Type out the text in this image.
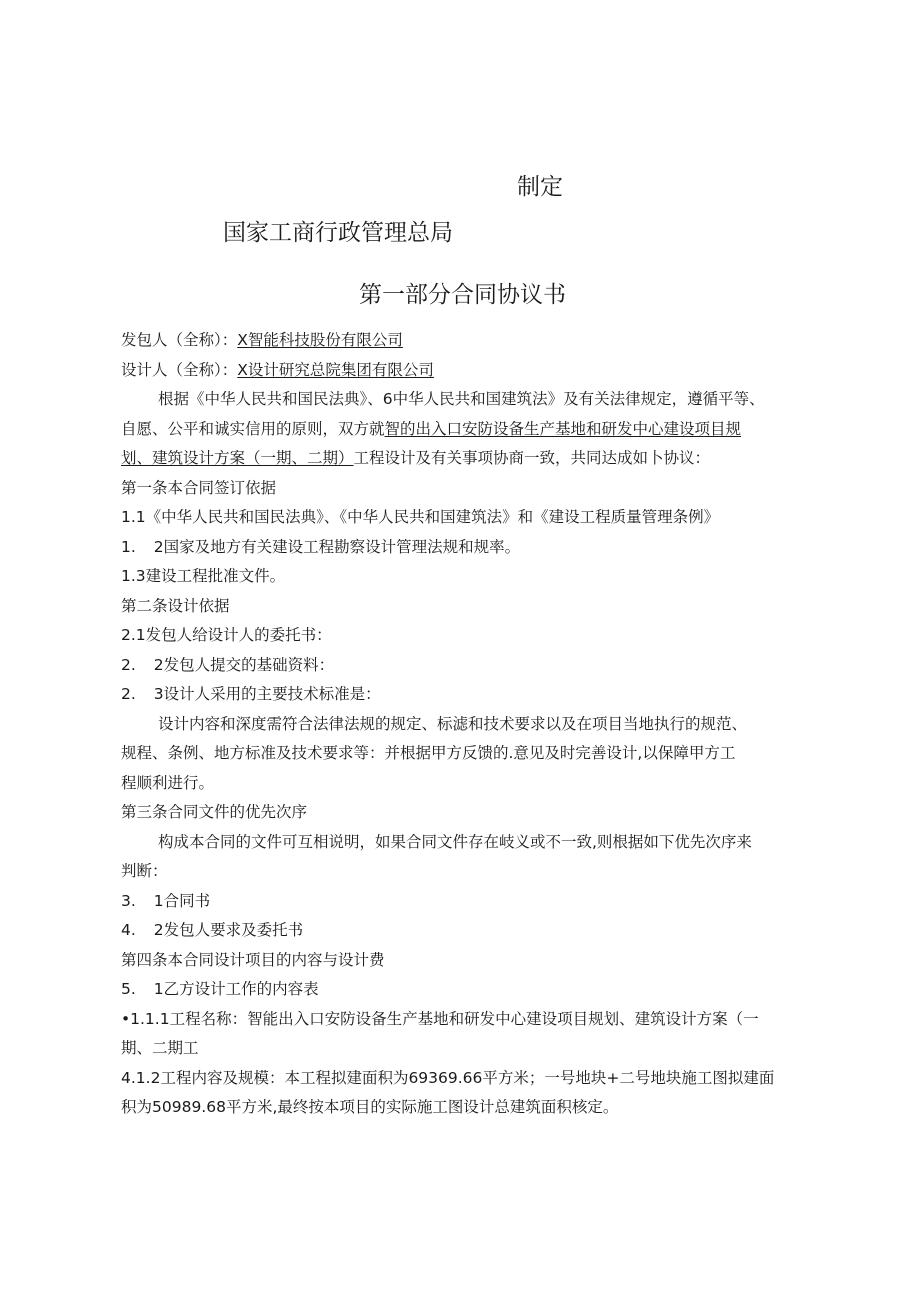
制定
国家工商行政管理总局
第一部分合同协议书

发包人（全称）：X智能科技股份有限公司

设计人（全称）：X设计研究总院集团有限公司

根据《中华人民共和国民法典》、6中华人民共和国建筑法》及有关法律规定，遵循平等、

自愿、公平和诚实信用的原则，双方就智的出入口安防设备生产基地和研发中心建设项目规

划、建筑设计方案（一期、二期）工程设计及有关事项协商一致，共同达成如卜协议：

第一条本合同签订依据

1.1《中华人民共和国民法典》、《中华人民共和国建筑法》和《建设工程质量管理条例》

1. 2国家及地方有关建设工程勘察设计管理法规和规率。

1.3建设工程批准文件。

第二条设计依据

2.1发包人给设计人的委托书：

2. 2发包人提交的基础资料：

2. 3设计人采用的主要技术标准是：

设计内容和深度需符合法律法规的规定、标滤和技术要求以及在项目当地执行的规范、

规程、条例、地方标准及技术要求等：并根据甲方反馈的.意见及时完善设计,以保障甲方工

程顺利进行。

第三条合同文件的优先次序

构成本合同的文件可互相说明，如果合同文件存在岐义或不一致,则根据如下优先次序来

判断：

3. 1合同书

4. 2发包人要求及委托书

第四条本合同设计项目的内容与设计费

5. 1乙方设计工作的内容表

•1.1.1工程名称：智能出入口安防设备生产基地和研发中心建设项目规划、建筑设计方案（一

期、二期工

4.1.2工程内容及规模：本工程拟建面积为69369.66平方米；一号地块+二号地块施工图拟建面

积为50989.68平方米,最终按本项目的实际施工图设计总建筑面积核定。
